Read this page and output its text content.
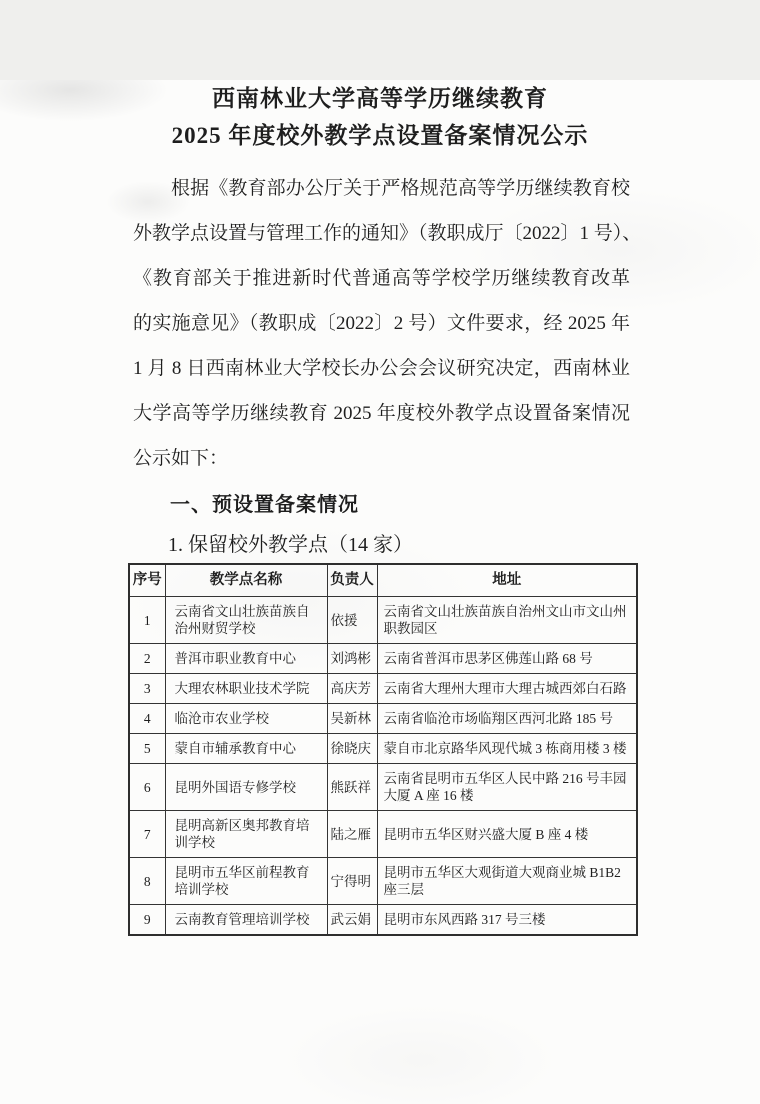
西南林业大学高等学历继续教育
2025 年度校外教学点设置备案情况公示
根据《教育部办公厅关于严格规范高等学历继续教育校
外教学点设置与管理工作的通知》（教职成厅〔2022〕1 号）、
《教育部关于推进新时代普通高等学校学历继续教育改革
的实施意见》（教职成〔2022〕2 号）文件要求，经 2025 年
1 月 8 日西南林业大学校长办公会会议研究决定，西南林业
大学高等学历继续教育 2025 年度校外教学点设置备案情况
公示如下：
一、预设置备案情况
1. 保留校外教学点（14 家）
序号	教学点名称	负责人	地址
1	云南省文山壮族苗族自治州财贸学校	依援	云南省文山壮族苗族自治州文山市文山州职教园区
2	普洱市职业教育中心	刘鸿彬	云南省普洱市思茅区佛莲山路 68 号
3	大理农林职业技术学院	高庆芳	云南省大理州大理市大理古城西郊白石路
4	临沧市农业学校	吴新林	云南省临沧市场临翔区西河北路 185 号
5	蒙自市辅承教育中心	徐晓庆	蒙自市北京路华风现代城 3 栋商用楼 3 楼
6	昆明外国语专修学校	熊跃祥	云南省昆明市五华区人民中路 216 号丰园大厦 A 座 16 楼
7	昆明高新区奥邦教育培训学校	陆之雁	昆明市五华区财兴盛大厦 B 座 4 楼
8	昆明市五华区前程教育培训学校	宁得明	昆明市五华区大观街道大观商业城 B1B2 座三层
9	云南教育管理培训学校	武云娟	昆明市东风西路 317 号三楼
